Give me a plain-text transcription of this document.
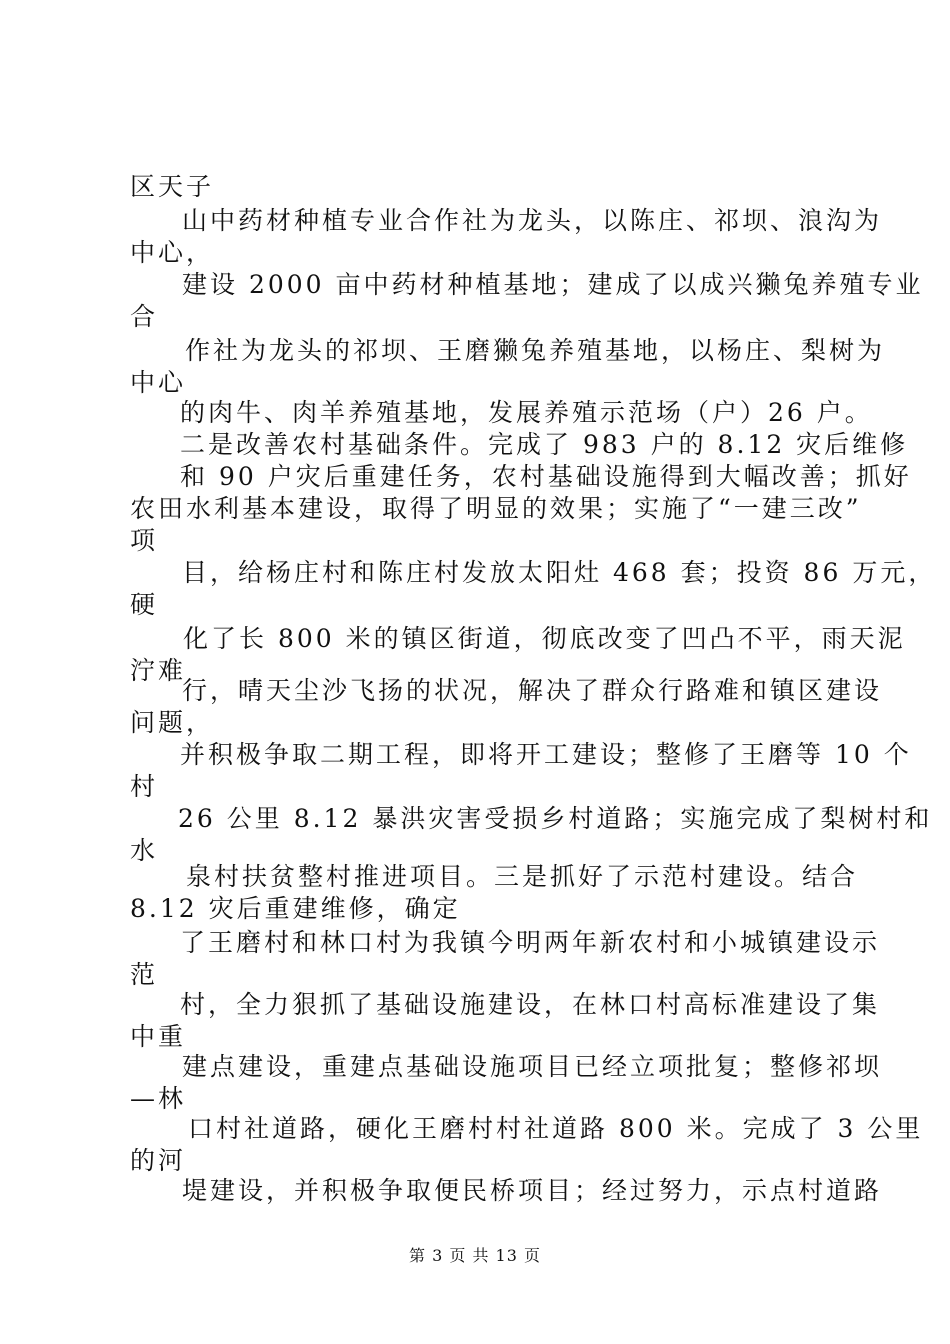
区天子
山中药材种植专业合作社为龙头，以陈庄、祁坝、浪沟为
中心，
建设 2000 亩中药材种植基地；建成了以成兴獭兔养殖专业
合
作社为龙头的祁坝、王磨獭兔养殖基地，以杨庄、梨树为
中心
的肉牛、肉羊养殖基地，发展养殖示范场（户）26 户。
二是改善农村基础条件。完成了 983 户的 8.12 灾后维修
和 90 户灾后重建任务，农村基础设施得到大幅改善；抓好
农田水利基本建设，取得了明显的效果；实施了“一建三改”
项
目，给杨庄村和陈庄村发放太阳灶 468 套；投资 86 万元，
硬
化了长 800 米的镇区街道，彻底改变了凹凸不平，雨天泥
泞难
行，晴天尘沙飞扬的状况，解决了群众行路难和镇区建设
问题，
并积极争取二期工程，即将开工建设；整修了王磨等 10 个
村
26 公里 8.12 暴洪灾害受损乡村道路；实施完成了梨树村和
水
泉村扶贫整村推进项目。三是抓好了示范村建设。结合
8.12 灾后重建维修，确定
了王磨村和林口村为我镇今明两年新农村和小城镇建设示
范
村，全力狠抓了基础设施建设，在林口村高标准建设了集
中重
建点建设，重建点基础设施项目已经立项批复；整修祁坝
—林
口村社道路，硬化王磨村村社道路 800 米。完成了 3 公里
的河
堤建设，并积极争取便民桥项目；经过努力，示点村道路
第 3 页 共 13 页
